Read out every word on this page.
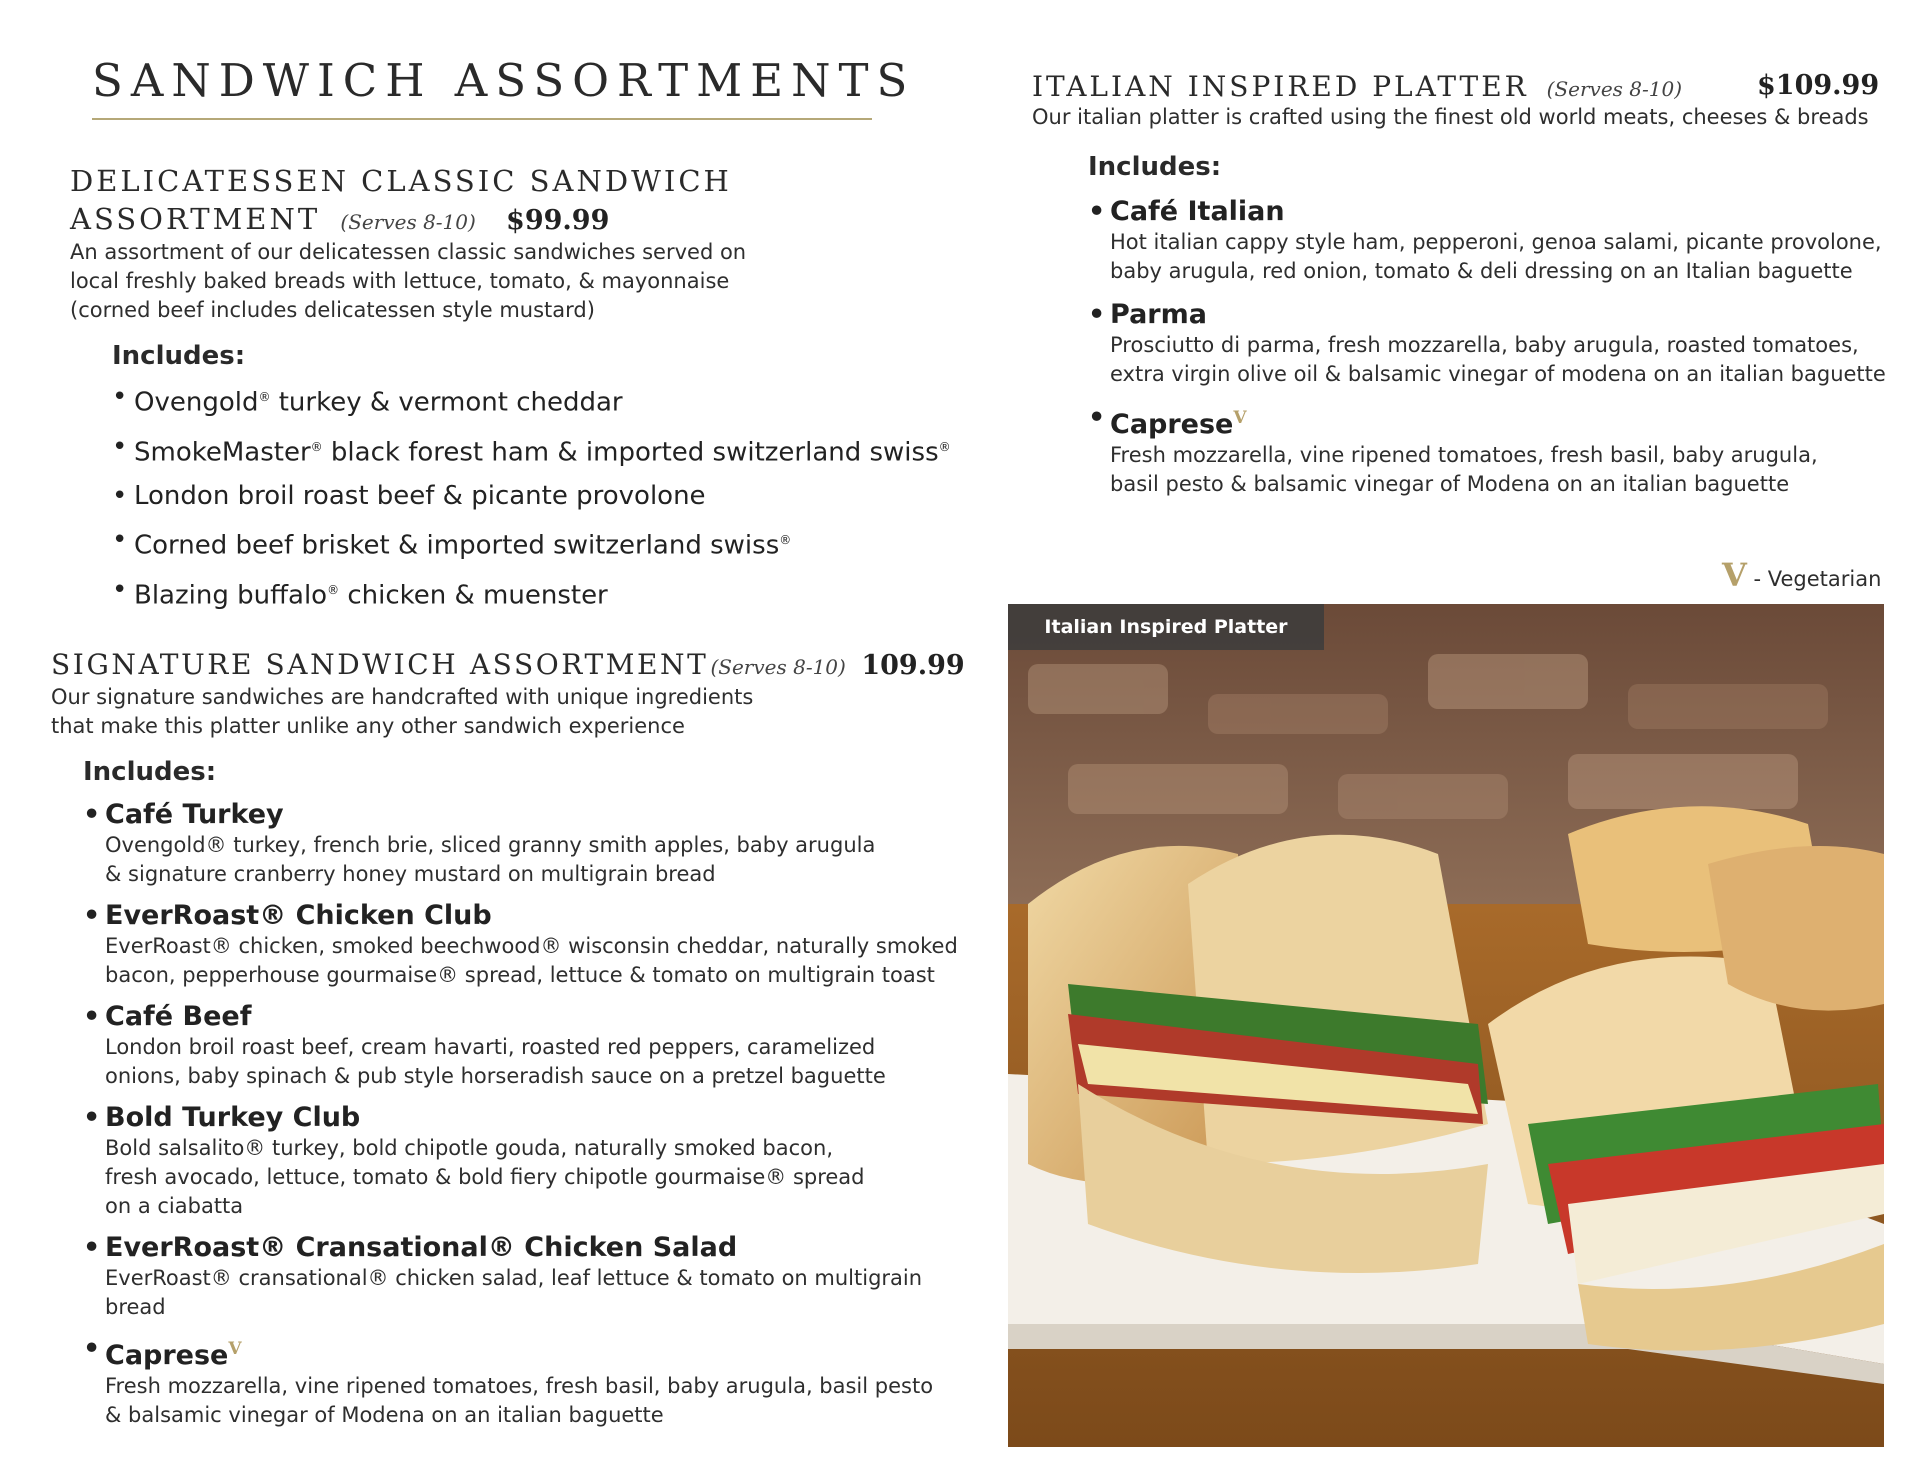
SANDWICH ASSORTMENTS
DELICATESSEN CLASSIC SANDWICH
ASSORTMENT (Serves 8-10) $99.99
An assortment of our delicatessen classic sandwiches served on
local freshly baked breads with lettuce, tomato, & mayonnaise
(corned beef includes delicatessen style mustard)
Includes:
• Ovengold® turkey & vermont cheddar
• SmokeMaster® black forest ham & imported switzerland swiss®
• London broil roast beef & picante provolone
• Corned beef brisket & imported switzerland swiss®
• Blazing buffalo® chicken & muenster
SIGNATURE SANDWICH ASSORTMENT (Serves 8-10) 109.99
Our signature sandwiches are handcrafted with unique ingredients
that make this platter unlike any other sandwich experience
Includes:
• Café Turkey
Ovengold® turkey, french brie, sliced granny smith apples, baby arugula
& signature cranberry honey mustard on multigrain bread
• EverRoast® Chicken Club
EverRoast® chicken, smoked beechwood® wisconsin cheddar, naturally smoked
bacon, pepperhouse gourmaise® spread, lettuce & tomato on multigrain toast
• Café Beef
London broil roast beef, cream havarti, roasted red peppers, caramelized
onions, baby spinach & pub style horseradish sauce on a pretzel baguette
• Bold Turkey Club
Bold salsalito® turkey, bold chipotle gouda, naturally smoked bacon,
fresh avocado, lettuce, tomato & bold fiery chipotle gourmaise® spread
on a ciabatta
• EverRoast® Cransational® Chicken Salad
EverRoast® cransational® chicken salad, leaf lettuce & tomato on multigrain bread
• Caprese$^V$
Fresh mozzarella, vine ripened tomatoes, fresh basil, baby arugula, basil pesto
& balsamic vinegar of Modena on an italian baguette
ITALIAN INSPIRED PLATTER (Serves 8-10)	$109.99
Our italian platter is crafted using the finest old world meats, cheeses & breads
Includes:
• Café Italian
Hot italian cappy style ham, pepperoni, genoa salami, picante provolone,
baby arugula, red onion, tomato & deli dressing on an Italian baguette
• Parma
Prosciutto di parma, fresh mozzarella, baby arugula, roasted tomatoes,
extra virgin olive oil & balsamic vinegar of modena on an italian baguette
• Caprese$^V$
Fresh mozzarella, vine ripened tomatoes, fresh basil, baby arugula,
basil pesto & balsamic vinegar of Modena on an italian baguette
V - Vegetarian
Italian Inspired Platter
